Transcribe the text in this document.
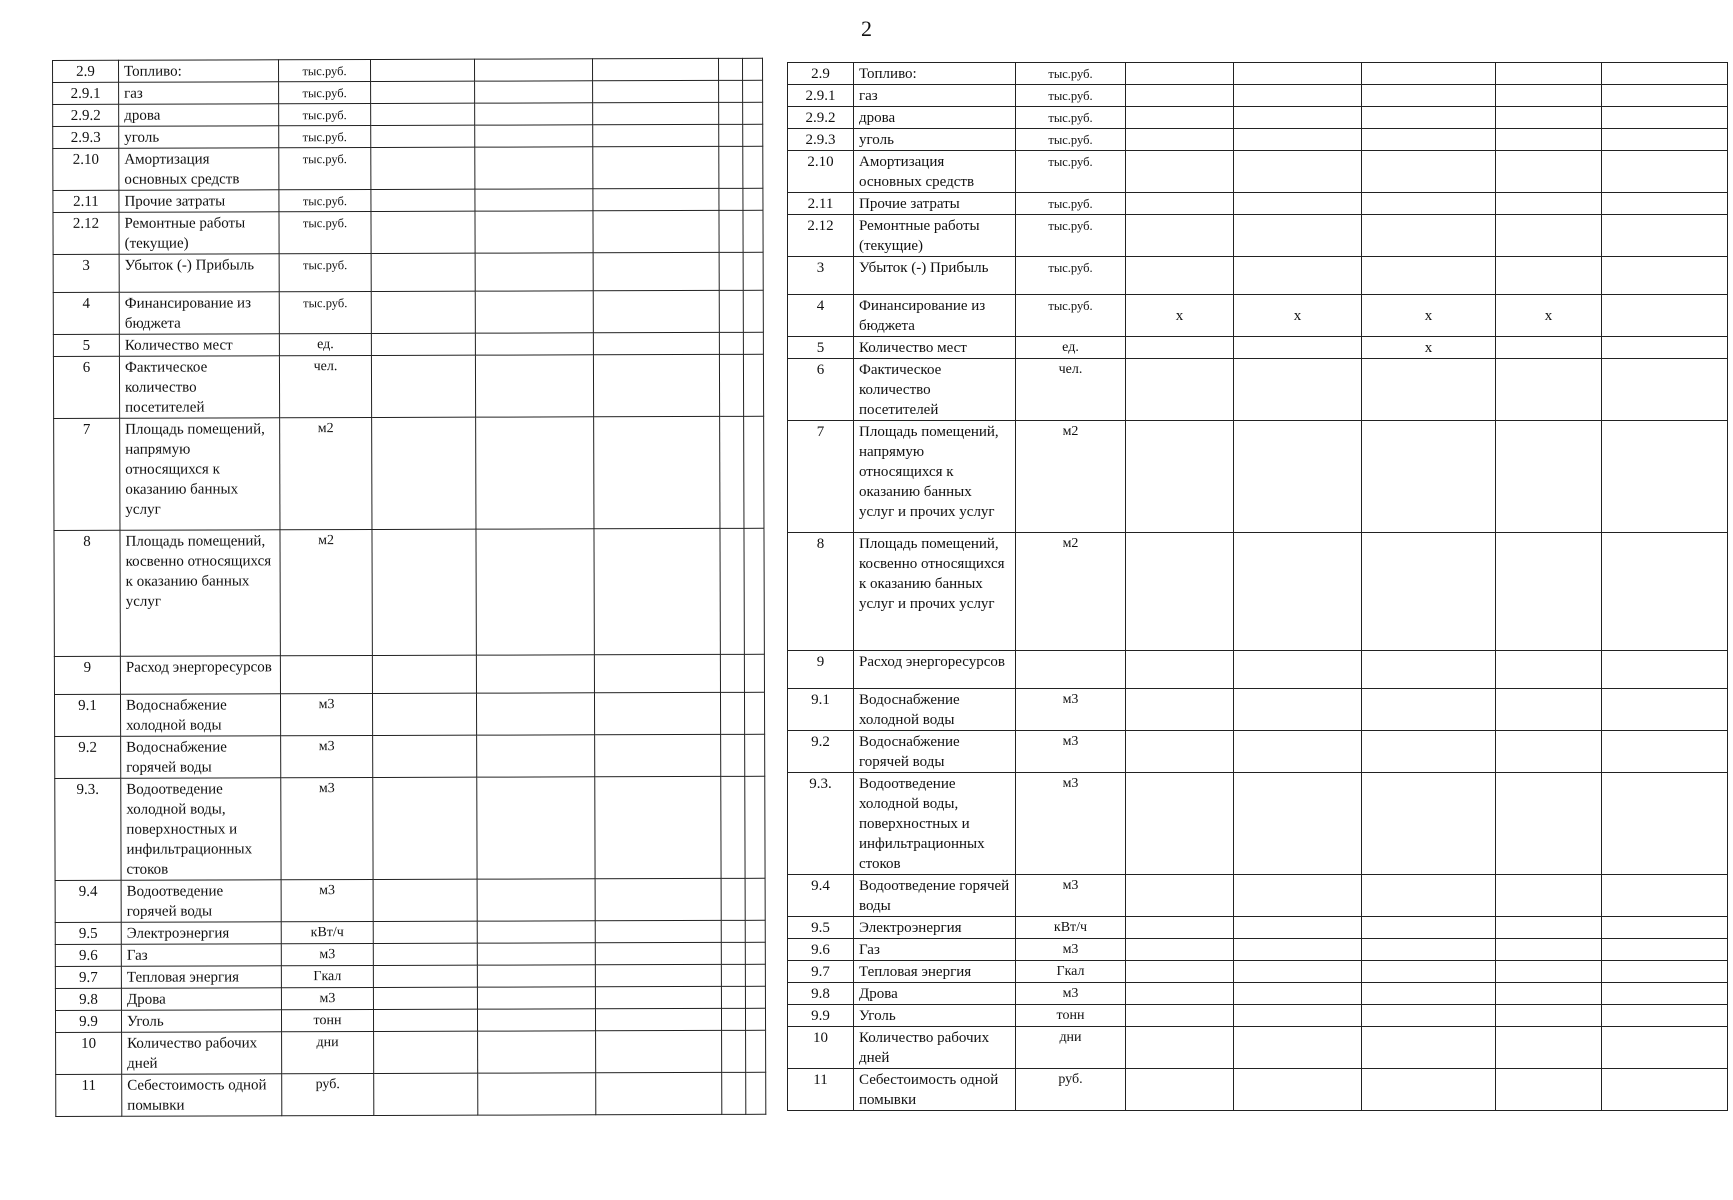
2
2.9	Топливо:	тыс.руб.					
2.9.1	газ	тыс.руб.					
2.9.2	дрова	тыс.руб.					
2.9.3	уголь	тыс.руб.					
2.10	Амортизация основных средств	тыс.руб.					
2.11	Прочие затраты	тыс.руб.					
2.12	Ремонтные работы (текущие)	тыс.руб.					
3	Убыток (-) Прибыль	тыс.руб.					
4	Финансирование из бюджета	тыс.руб.					
5	Количество мест	ед.					
6	Фактическое количество посетителей	чел.					
7	Площадь помещений, напрямую относящихся к оказанию банных услуг	м2					
8	Площадь помещений, косвенно относящихся к оказанию банных услуг	м2					
9	Расход энергоресурсов						
9.1	Водоснабжение холодной воды	м3					
9.2	Водоснабжение горячей воды	м3					
9.3.	Водоотведение холодной воды, поверхностных и инфильтрационных стоков	м3					
9.4	Водоотведение горячей воды	м3					
9.5	Электроэнергия	кВт/ч					
9.6	Газ	м3					
9.7	Тепловая энергия	Гкал					
9.8	Дрова	м3					
9.9	Уголь	тонн					
10	Количество рабочих дней	дни					
11	Себестоимость одной помывки	руб.					
2.9	Топливо:	тыс.руб.					
2.9.1	газ	тыс.руб.					
2.9.2	дрова	тыс.руб.					
2.9.3	уголь	тыс.руб.					
2.10	Амортизация основных средств	тыс.руб.					
2.11	Прочие затраты	тыс.руб.					
2.12	Ремонтные работы (текущие)	тыс.руб.					
3	Убыток (-) Прибыль	тыс.руб.					
4	Финансирование из бюджета	тыс.руб.	x	x	x	x	
5	Количество мест	ед.			x		
6	Фактическое количество посетителей	чел.					
7	Площадь помещений, напрямую относящихся к оказанию банных услуг и прочих услуг	м2					
8	Площадь помещений, косвенно относящихся к оказанию банных услуг и прочих услуг	м2					
9	Расход энергоресурсов						
9.1	Водоснабжение холодной воды	м3					
9.2	Водоснабжение горячей воды	м3					
9.3.	Водоотведение холодной воды, поверхностных и инфильтрационных стоков	м3					
9.4	Водоотведение горячей воды	м3					
9.5	Электроэнергия	кВт/ч					
9.6	Газ	м3					
9.7	Тепловая энергия	Гкал					
9.8	Дрова	м3					
9.9	Уголь	тонн					
10	Количество рабочих дней	дни					
11	Себестоимость одной помывки	руб.					
